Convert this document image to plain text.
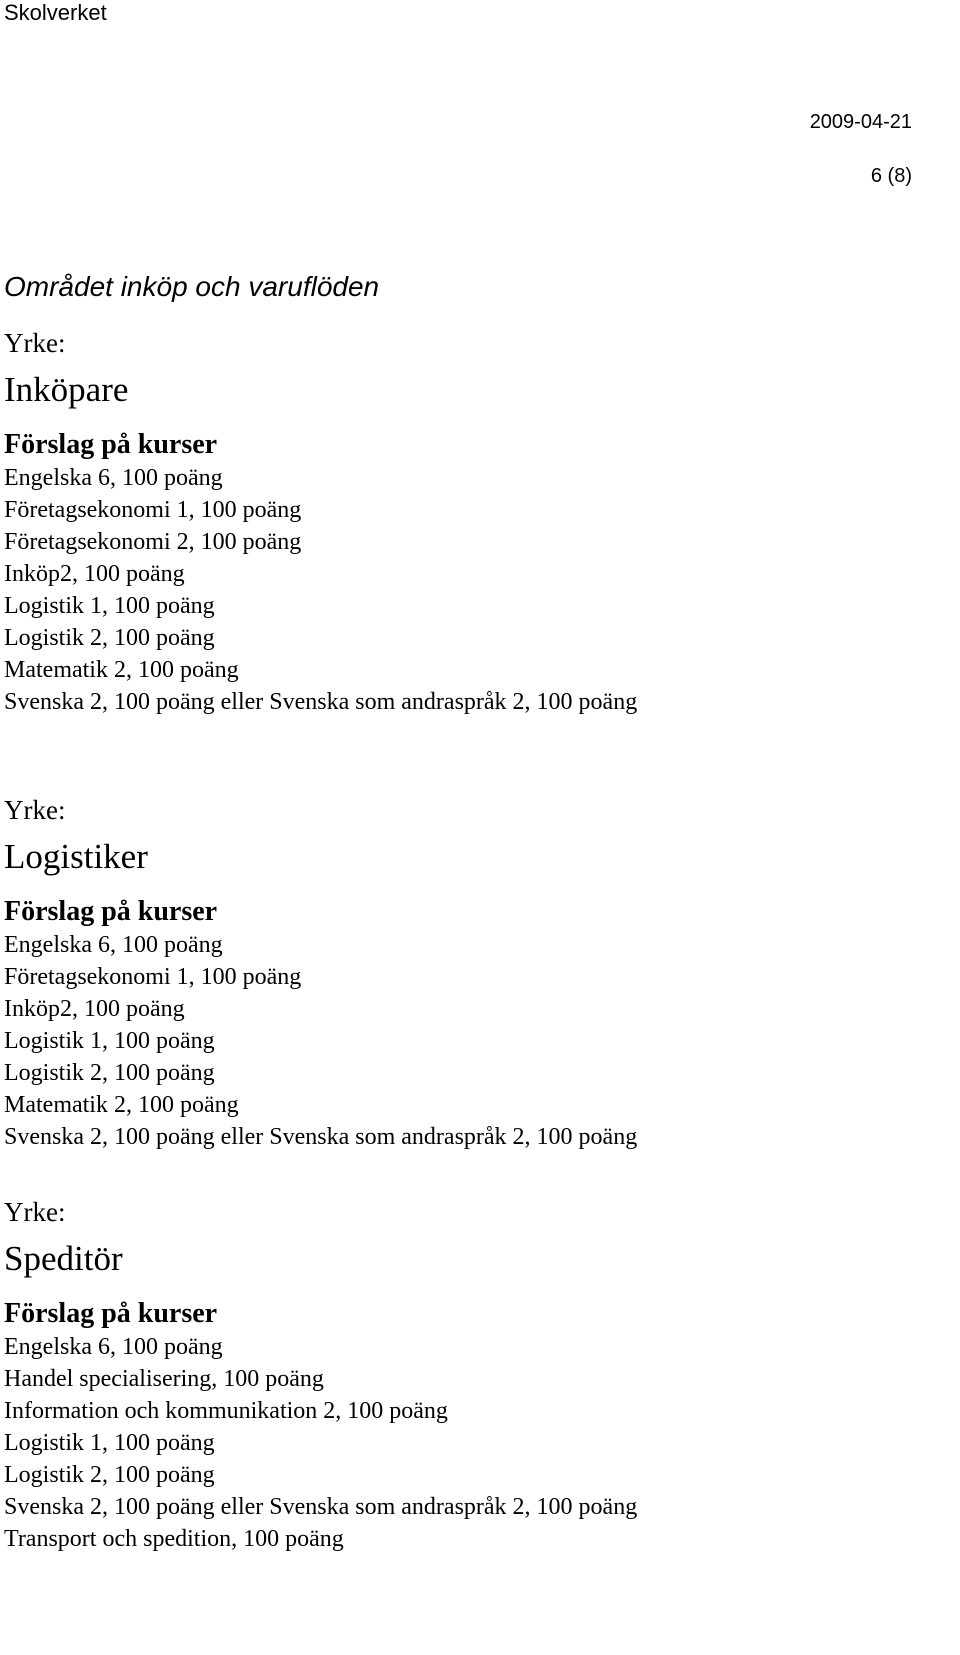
Skolverket
2009-04-21
6 (8)
Området inköp och varuflöden
Yrke:
Inköpare
Förslag på kurser
Engelska 6, 100 poäng
Företagsekonomi 1, 100 poäng
Företagsekonomi 2, 100 poäng
Inköp2, 100 poäng
Logistik 1, 100 poäng
Logistik 2, 100 poäng
Matematik 2, 100 poäng
Svenska 2, 100 poäng eller Svenska som andraspråk 2, 100 poäng
Yrke:
Logistiker
Förslag på kurser
Engelska 6, 100 poäng
Företagsekonomi 1, 100 poäng
Inköp2, 100 poäng
Logistik 1, 100 poäng
Logistik 2, 100 poäng
Matematik 2, 100 poäng
Svenska 2, 100 poäng eller Svenska som andraspråk 2, 100 poäng
Yrke:
Speditör
Förslag på kurser
Engelska 6, 100 poäng
Handel specialisering, 100 poäng
Information och kommunikation 2, 100 poäng
Logistik 1, 100 poäng
Logistik 2, 100 poäng
Svenska 2, 100 poäng eller Svenska som andraspråk 2, 100 poäng
Transport och spedition, 100 poäng
